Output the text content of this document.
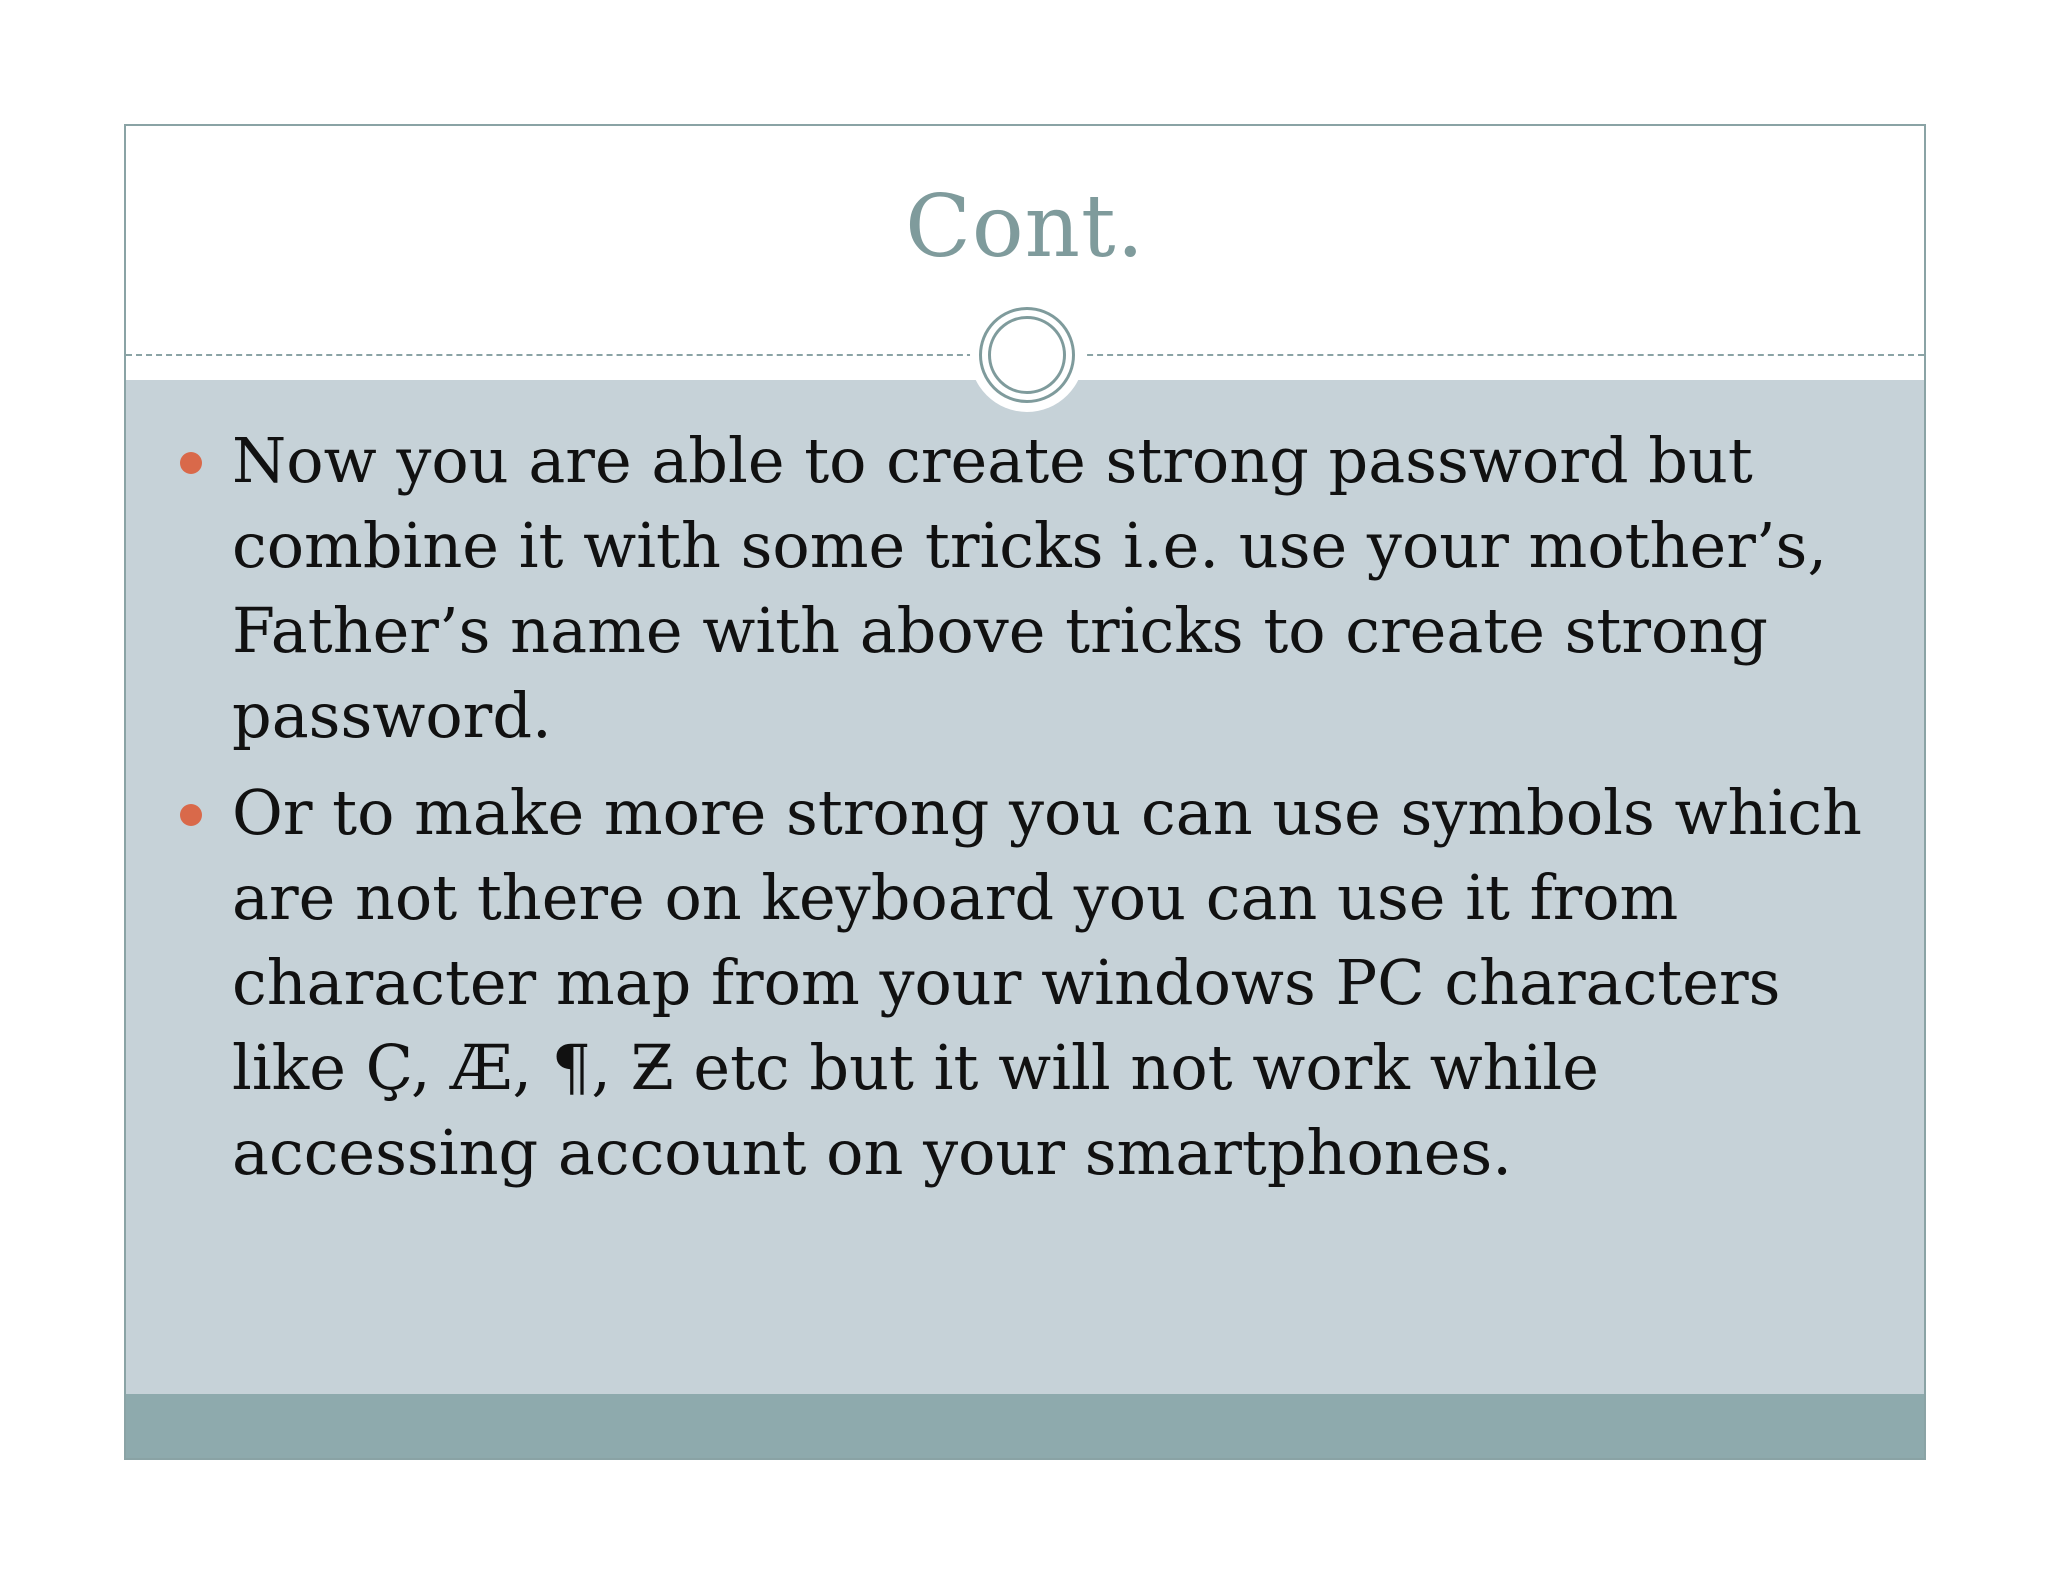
Cont.
Now you are able to create strong password but combine it with some tricks i.e. use your mother’s, Father’s name with above tricks to create strong password.
Or to make more strong you can use symbols which are not there on keyboard you can use it from character map from your windows PC characters like Ç, Æ, ¶, Ƶ etc but it will not work while accessing account on your smartphones.
